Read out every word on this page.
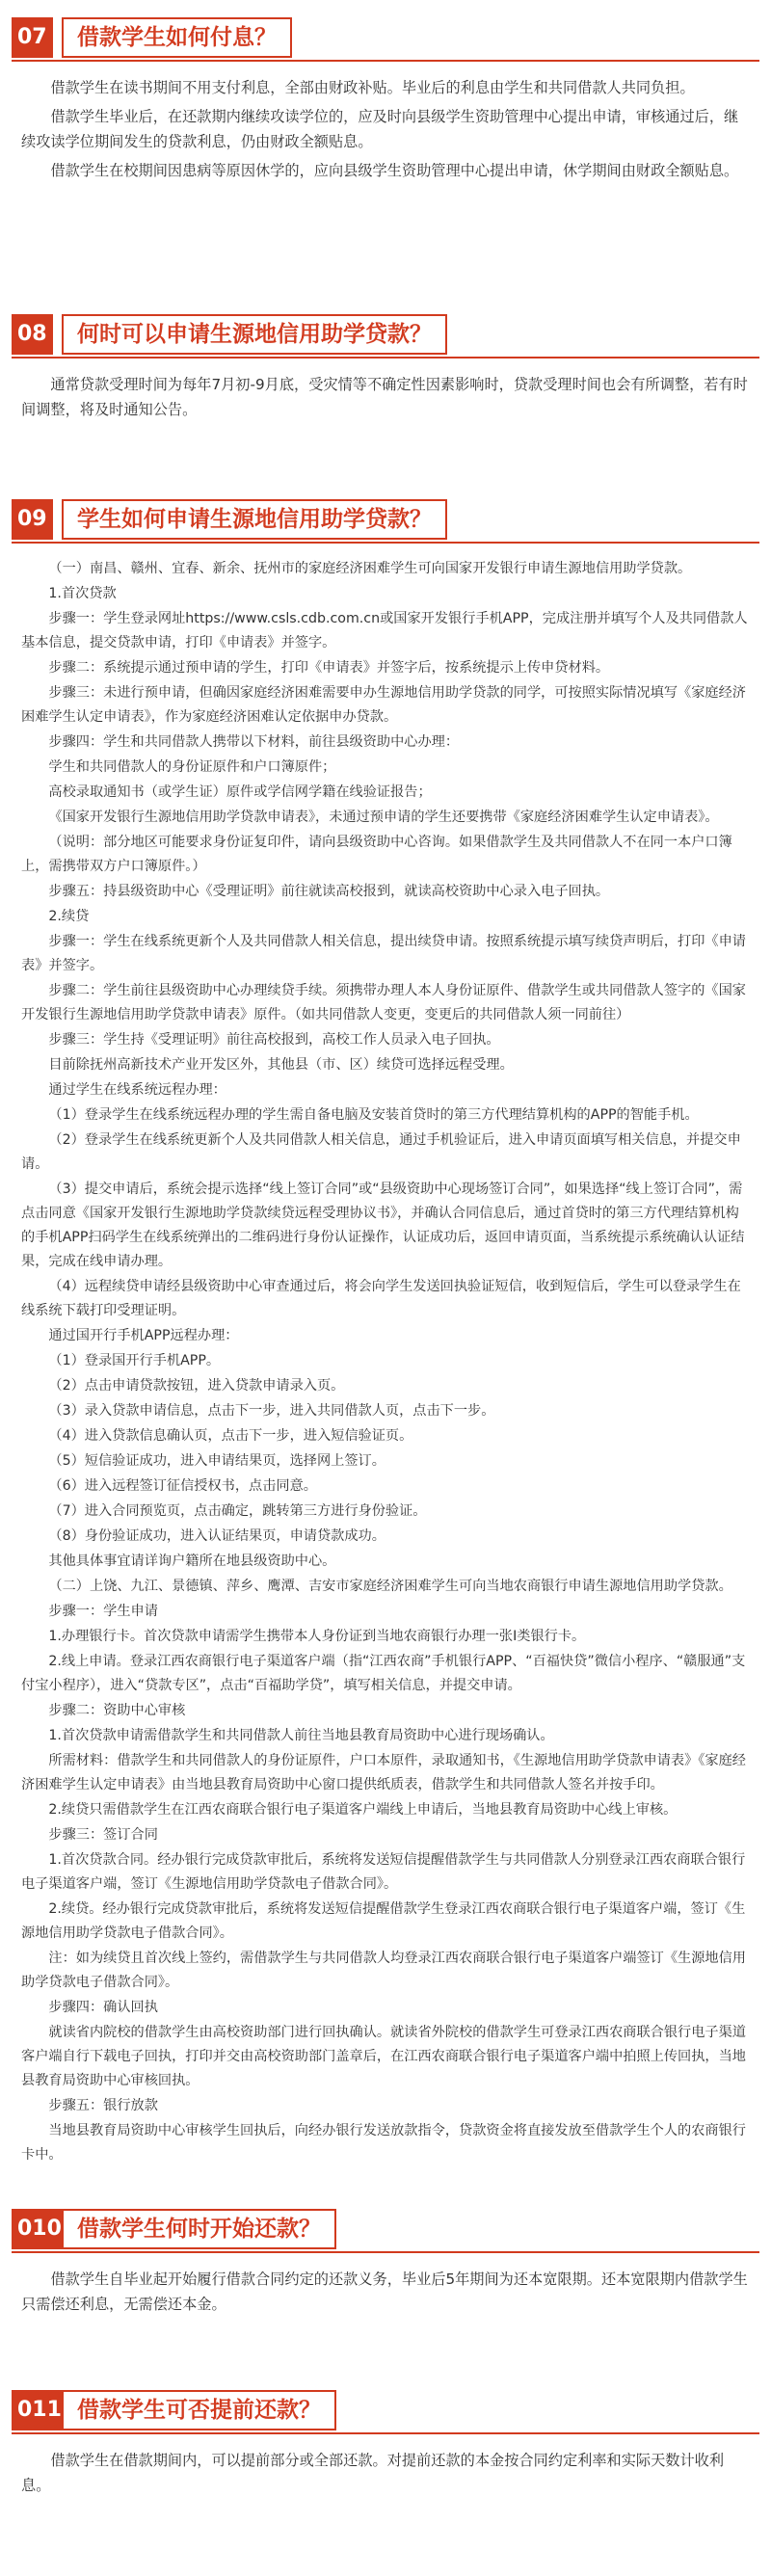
07	借款学生如何付息？

借款学生在读书期间不用支付利息，全部由财政补贴。毕业后的利息由学生和共同借款人共同负担。

借款学生毕业后，在还款期内继续攻读学位的，应及时向县级学生资助管理中心提出申请，审核通过后，继续攻读学位期间发生的贷款利息，仍由财政全额贴息。

借款学生在校期间因患病等原因休学的，应向县级学生资助管理中心提出申请，休学期间由财政全额贴息。

08	何时可以申请生源地信用助学贷款？

通常贷款受理时间为每年7月初-9月底，受灾情等不确定性因素影响时，贷款受理时间也会有所调整，若有时间调整，将及时通知公告。

09	学生如何申请生源地信用助学贷款？

（一）南昌、赣州、宜春、新余、抚州市的家庭经济困难学生可向国家开发银行申请生源地信用助学贷款。

1.首次贷款

步骤一：学生登录网址https://www.csls.cdb.com.cn或国家开发银行手机APP，完成注册并填写个人及共同借款人基本信息，提交贷款申请，打印《申请表》并签字。

步骤二：系统提示通过预申请的学生，打印《申请表》并签字后，按系统提示上传申贷材料。

步骤三：未进行预申请，但确因家庭经济困难需要申办生源地信用助学贷款的同学，可按照实际情况填写《家庭经济困难学生认定申请表》，作为家庭经济困难认定依据申办贷款。

步骤四：学生和共同借款人携带以下材料，前往县级资助中心办理：

学生和共同借款人的身份证原件和户口簿原件；

高校录取通知书（或学生证）原件或学信网学籍在线验证报告；

《国家开发银行生源地信用助学贷款申请表》，未通过预申请的学生还要携带《家庭经济困难学生认定申请表》。

（说明：部分地区可能要求身份证复印件，请向县级资助中心咨询。如果借款学生及共同借款人不在同一本户口簿上，需携带双方户口簿原件。）

步骤五：持县级资助中心《受理证明》前往就读高校报到，就读高校资助中心录入电子回执。

2.续贷

步骤一：学生在线系统更新个人及共同借款人相关信息，提出续贷申请。按照系统提示填写续贷声明后，打印《申请表》并签字。

步骤二：学生前往县级资助中心办理续贷手续。须携带办理人本人身份证原件、借款学生或共同借款人签字的《国家开发银行生源地信用助学贷款申请表》原件。（如共同借款人变更，变更后的共同借款人须一同前往）

步骤三：学生持《受理证明》前往高校报到，高校工作人员录入电子回执。

目前除抚州高新技术产业开发区外，其他县（市、区）续贷可选择远程受理。

通过学生在线系统远程办理：

（1）登录学生在线系统远程办理的学生需自备电脑及安装首贷时的第三方代理结算机构的APP的智能手机。

（2）登录学生在线系统更新个人及共同借款人相关信息，通过手机验证后，进入申请页面填写相关信息，并提交申请。

（3）提交申请后，系统会提示选择“线上签订合同”或“县级资助中心现场签订合同”，如果选择“线上签订合同”，需点击同意《国家开发银行生源地助学贷款续贷远程受理协议书》，并确认合同信息后，通过首贷时的第三方代理结算机构的手机APP扫码学生在线系统弹出的二维码进行身份认证操作，认证成功后，返回申请页面，当系统提示系统确认认证结果，完成在线申请办理。

（4）远程续贷申请经县级资助中心审查通过后，将会向学生发送回执验证短信，收到短信后，学生可以登录学生在线系统下载打印受理证明。

通过国开行手机APP远程办理：

（1）登录国开行手机APP。

（2）点击申请贷款按钮，进入贷款申请录入页。

（3）录入贷款申请信息，点击下一步，进入共同借款人页，点击下一步。

（4）进入贷款信息确认页，点击下一步，进入短信验证页。

（5）短信验证成功，进入申请结果页，选择网上签订。

（6）进入远程签订征信授权书，点击同意。

（7）进入合同预览页，点击确定，跳转第三方进行身份验证。

（8）身份验证成功，进入认证结果页，申请贷款成功。

其他具体事宜请详询户籍所在地县级资助中心。

（二）上饶、九江、景德镇、萍乡、鹰潭、吉安市家庭经济困难学生可向当地农商银行申请生源地信用助学贷款。

步骤一：学生申请

1.办理银行卡。首次贷款申请需学生携带本人身份证到当地农商银行办理一张I类银行卡。

2.线上申请。登录江西农商银行电子渠道客户端（指“江西农商”手机银行APP、“百福快贷”微信小程序、“赣服通”支付宝小程序），进入“贷款专区”，点击“百福助学贷”，填写相关信息，并提交申请。

步骤二：资助中心审核

1.首次贷款申请需借款学生和共同借款人前往当地县教育局资助中心进行现场确认。

所需材料：借款学生和共同借款人的身份证原件，户口本原件，录取通知书，《生源地信用助学贷款申请表》《家庭经济困难学生认定申请表》由当地县教育局资助中心窗口提供纸质表，借款学生和共同借款人签名并按手印。

2.续贷只需借款学生在江西农商联合银行电子渠道客户端线上申请后，当地县教育局资助中心线上审核。

步骤三：签订合同

1.首次贷款合同。经办银行完成贷款审批后，系统将发送短信提醒借款学生与共同借款人分别登录江西农商联合银行电子渠道客户端，签订《生源地信用助学贷款电子借款合同》。

2.续贷。经办银行完成贷款审批后，系统将发送短信提醒借款学生登录江西农商联合银行电子渠道客户端，签订《生源地信用助学贷款电子借款合同》。

注：如为续贷且首次线上签约，需借款学生与共同借款人均登录江西农商联合银行电子渠道客户端签订《生源地信用助学贷款电子借款合同》。

步骤四：确认回执

就读省内院校的借款学生由高校资助部门进行回执确认。就读省外院校的借款学生可登录江西农商联合银行电子渠道客户端自行下载电子回执，打印并交由高校资助部门盖章后，在江西农商联合银行电子渠道客户端中拍照上传回执，当地县教育局资助中心审核回执。

步骤五：银行放款

当地县教育局资助中心审核学生回执后，向经办银行发送放款指令，贷款资金将直接发放至借款学生个人的农商银行卡中。

010 借款学生何时开始还款？

借款学生自毕业起开始履行借款合同约定的还款义务，毕业后5年期间为还本宽限期。还本宽限期内借款学生只需偿还利息，无需偿还本金。

011 借款学生可否提前还款？

借款学生在借款期间内，可以提前部分或全部还款。对提前还款的本金按合同约定利率和实际天数计收利息。
